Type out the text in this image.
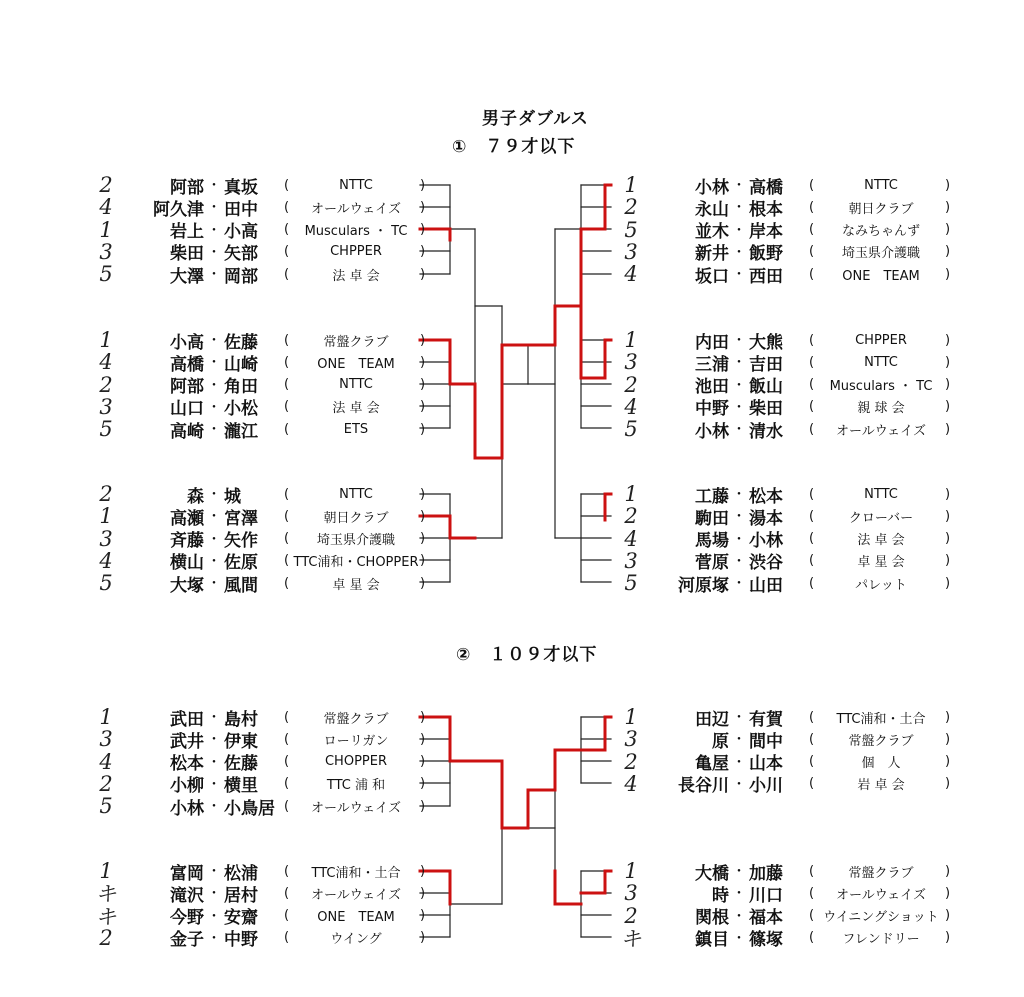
男子ダブルス
①　７９才以下
②　１０９才以下
2	阿部 ・ 真坂	(	NTTC	)
4	阿久津 ・ 田中	(	オールウェイズ	)
1	岩上 ・ 小高	(	Musculars ・ TC )
3	柴田 ・ 矢部	(	CHPPER	)
5	大澤 ・ 岡部	(	法 卓 会	)
1	小高 ・ 佐藤	(	常盤クラブ	)
4	高橋 ・ 山崎	(	ONE　TEAM	)
2	阿部 ・ 角田	(	NTTC	)
3	山口 ・ 小松	(	法 卓 会	)
5	高崎 ・ 瀧江	(	ETS	)
2	森 ・ 城	(	NTTC	)
1	高瀬 ・ 宮澤	(	朝日クラブ	)
3	斉藤 ・ 矢作	(	埼玉県介護職	)
4	横山 ・ 佐原	( TTC浦和・CHOPPER )
5	大塚 ・ 風間	(	卓 星 会	)
1	小林 ・ 高橋	(	NTTC	)
2	永山 ・ 根本	(	朝日クラブ	)
5	並木 ・ 岸本	(	なみちゃんず	)
3	新井 ・ 飯野	(	埼玉県介護職	)
4	坂口 ・ 西田	(	ONE　TEAM	)
1	内田 ・ 大熊	(	CHPPER	)
3	三浦 ・ 吉田	(	NTTC	)
2	池田 ・ 飯山	(	Musculars ・ TC )
4	中野 ・ 柴田	(	親 球 会	)
5	小林 ・ 清水	(	オールウェイズ	)
1	工藤 ・ 松本	(	NTTC	)
2	駒田 ・ 湯本	(	クローバー	)
4	馬場 ・ 小林	(	法 卓 会	)
3	菅原 ・ 渋谷	(	卓 星 会	)
5	河原塚 ・ 山田	(	パレット	)
1	武田 ・ 島村	(	常盤クラブ	)
3	武井 ・ 伊東	(	ローリガン	)
4	松本 ・ 佐藤	(	CHOPPER	)
2	小柳 ・ 横里	(	TTC 浦 和	)
5	小林 ・ 小鳥居 (	オールウェイズ	)
1	富岡 ・ 松浦	(	TTC浦和・土合	)
キ	滝沢 ・ 居村	(	オールウェイズ	)
キ	今野 ・ 安齋	(	ONE　TEAM	)
2	金子 ・ 中野	(	ウイング	)
1	田辺 ・ 有賀	(	TTC浦和・土合	)
3	原 ・ 間中	(	常盤クラブ	)
2	亀屋 ・ 山本	(	個　人	)
4	長谷川 ・ 小川	(	岩 卓 会	)
1	大橋 ・ 加藤	(	常盤クラブ	)
3	時 ・ 川口	(	オールウェイズ	)
2	関根 ・ 福本	( ウイニングショット )
キ	鎮目 ・ 篠塚	(	フレンドリー	)
